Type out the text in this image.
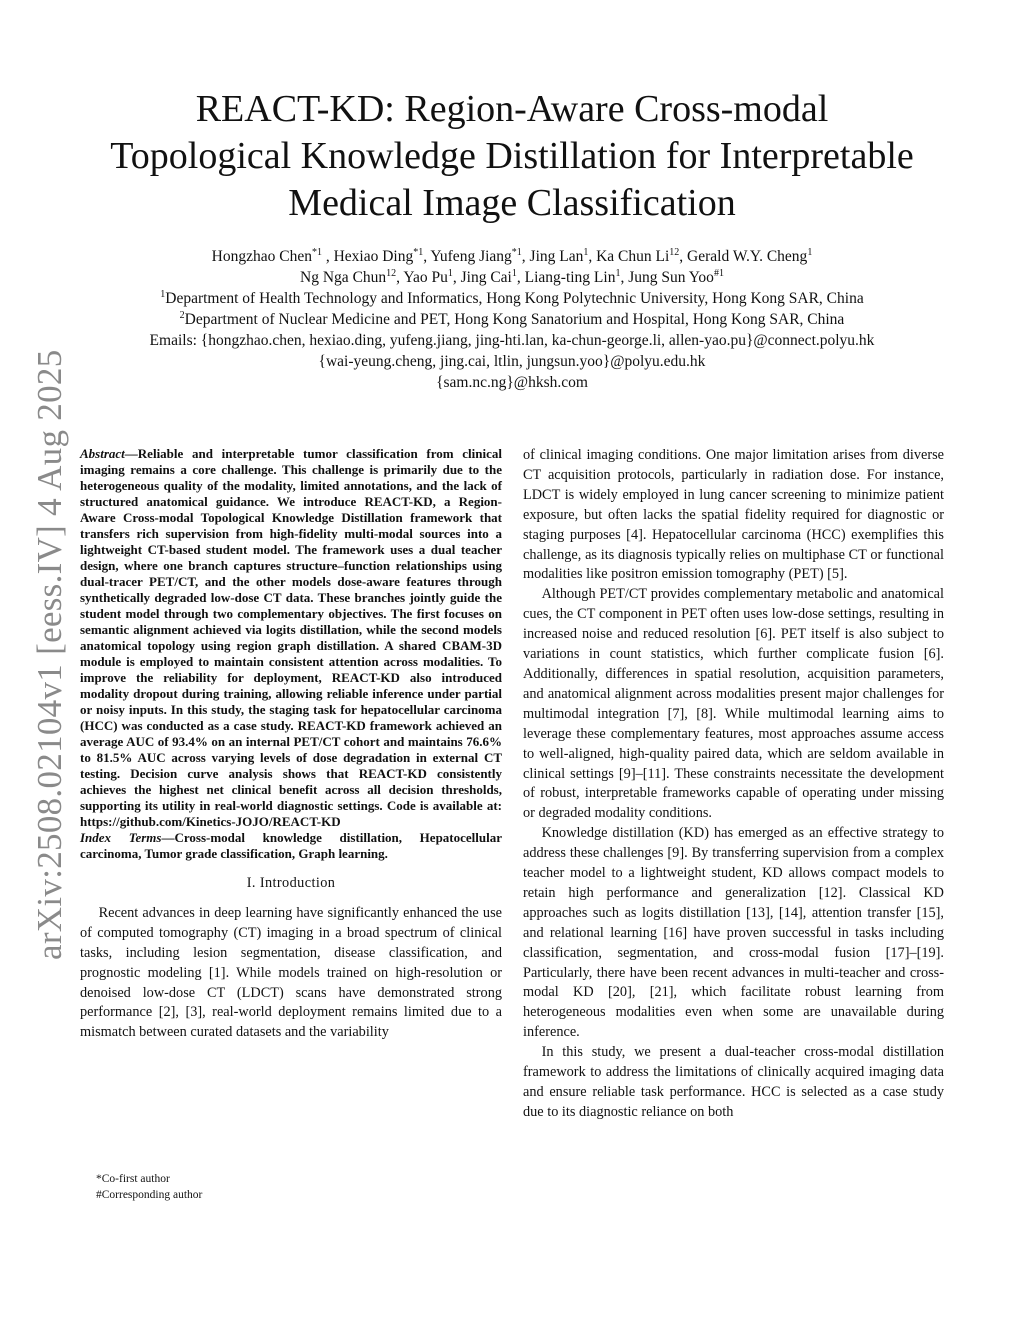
arXiv:2508.02104v1 [eess.IV] 4 Aug 2025
REACT-KD: Region-Aware Cross-modal
Topological Knowledge Distillation for Interpretable
Medical Image Classification
Hongzhao Chen$^{*1}$ , Hexiao Ding$^{*1}$, Yufeng Jiang$^{*1}$, Jing Lan$^1$, Ka Chun Li$^{12}$, Gerald W.Y. Cheng$^1$
Ng Nga Chun$^{12}$, Yao Pu$^1$, Jing Cai$^1$, Liang-ting Lin$^1$, Jung Sun Yoo$^{\#1}$
$^1$Department of Health Technology and Informatics, Hong Kong Polytechnic University, Hong Kong SAR, China
$^2$Department of Nuclear Medicine and PET, Hong Kong Sanatorium and Hospital, Hong Kong SAR, China
Emails: {hongzhao.chen, hexiao.ding, yufeng.jiang, jing-hti.lan, ka-chun-george.li, allen-yao.pu}@connect.polyu.hk
{wai-yeung.cheng, jing.cai, ltlin, jungsun.yoo}@polyu.edu.hk
{sam.nc.ng}@hksh.com

Abstract—Reliable and interpretable tumor classification from clinical imaging remains a core challenge. This challenge is primarily due to the heterogeneous quality of the modality, limited annotations, and the lack of structured anatomical guidance. We introduce REACT-KD, a Region-Aware Cross-modal Topological Knowledge Distillation framework that transfers rich supervision from high-fidelity multi-modal sources into a lightweight CT-based student model. The framework uses a dual teacher design, where one branch captures structure–function relationships using dual-tracer PET/CT, and the other models dose-aware features through synthetically degraded low-dose CT data. These branches jointly guide the student model through two complementary objectives. The first focuses on semantic alignment achieved via logits distillation, while the second models anatomical topology using region graph distillation. A shared CBAM-3D module is employed to maintain consistent attention across modalities. To improve the reliability for deployment, REACT-KD also introduced modality dropout during training, allowing reliable inference under partial or noisy inputs. In this study, the staging task for hepatocellular carcinoma (HCC) was conducted as a case study. REACT-KD framework achieved an average AUC of 93.4% on an internal PET/CT cohort and maintains 76.6% to 81.5% AUC across varying levels of dose degradation in external CT testing. Decision curve analysis shows that REACT-KD consistently achieves the highest net clinical benefit across all decision thresholds, supporting its utility in real-world diagnostic settings. Code is available at: https://github.com/Kinetics-JOJO/REACT-KD

Index Terms—Cross-modal knowledge distillation, Hepatocellular carcinoma, Tumor grade classification, Graph learning.

I. Introduction

Recent advances in deep learning have significantly enhanced the use of computed tomography (CT) imaging in a broad spectrum of clinical tasks, including lesion segmentation, disease classification, and prognostic modeling [1]. While models trained on high-resolution or denoised low-dose CT (LDCT) scans have demonstrated strong performance [2], [3], real-world deployment remains limited due to a mismatch between curated datasets and the variability

of clinical imaging conditions. One major limitation arises from diverse CT acquisition protocols, particularly in radiation dose. For instance, LDCT is widely employed in lung cancer screening to minimize patient exposure, but often lacks the spatial fidelity required for diagnostic or staging purposes [4]. Hepatocellular carcinoma (HCC) exemplifies this challenge, as its diagnosis typically relies on multiphase CT or functional modalities like positron emission tomography (PET) [5].

Although PET/CT provides complementary metabolic and anatomical cues, the CT component in PET often uses low-dose settings, resulting in increased noise and reduced resolution [6]. PET itself is also subject to variations in count statistics, which further complicate fusion [6]. Additionally, differences in spatial resolution, acquisition parameters, and anatomical alignment across modalities present major challenges for multimodal integration [7], [8]. While multimodal learning aims to leverage these complementary features, most approaches assume access to well-aligned, high-quality paired data, which are seldom available in clinical settings [9]–[11]. These constraints necessitate the development of robust, interpretable frameworks capable of operating under missing or degraded modality conditions.

Knowledge distillation (KD) has emerged as an effective strategy to address these challenges [9]. By transferring supervision from a complex teacher model to a lightweight student, KD allows compact models to retain high performance and generalization [12]. Classical KD approaches such as logits distillation [13], [14], attention transfer [15], and relational learning [16] have proven successful in tasks including classification, segmentation, and cross-modal fusion [17]–[19]. Particularly, there have been recent advances in multi-teacher and cross-modal KD [20], [21], which facilitate robust learning from heterogeneous modalities even when some are unavailable during inference.

In this study, we present a dual-teacher cross-modal distillation framework to address the limitations of clinically acquired imaging data and ensure reliable task performance. HCC is selected as a case study due to its diagnostic reliance on both

*Co-first author
#Corresponding author
